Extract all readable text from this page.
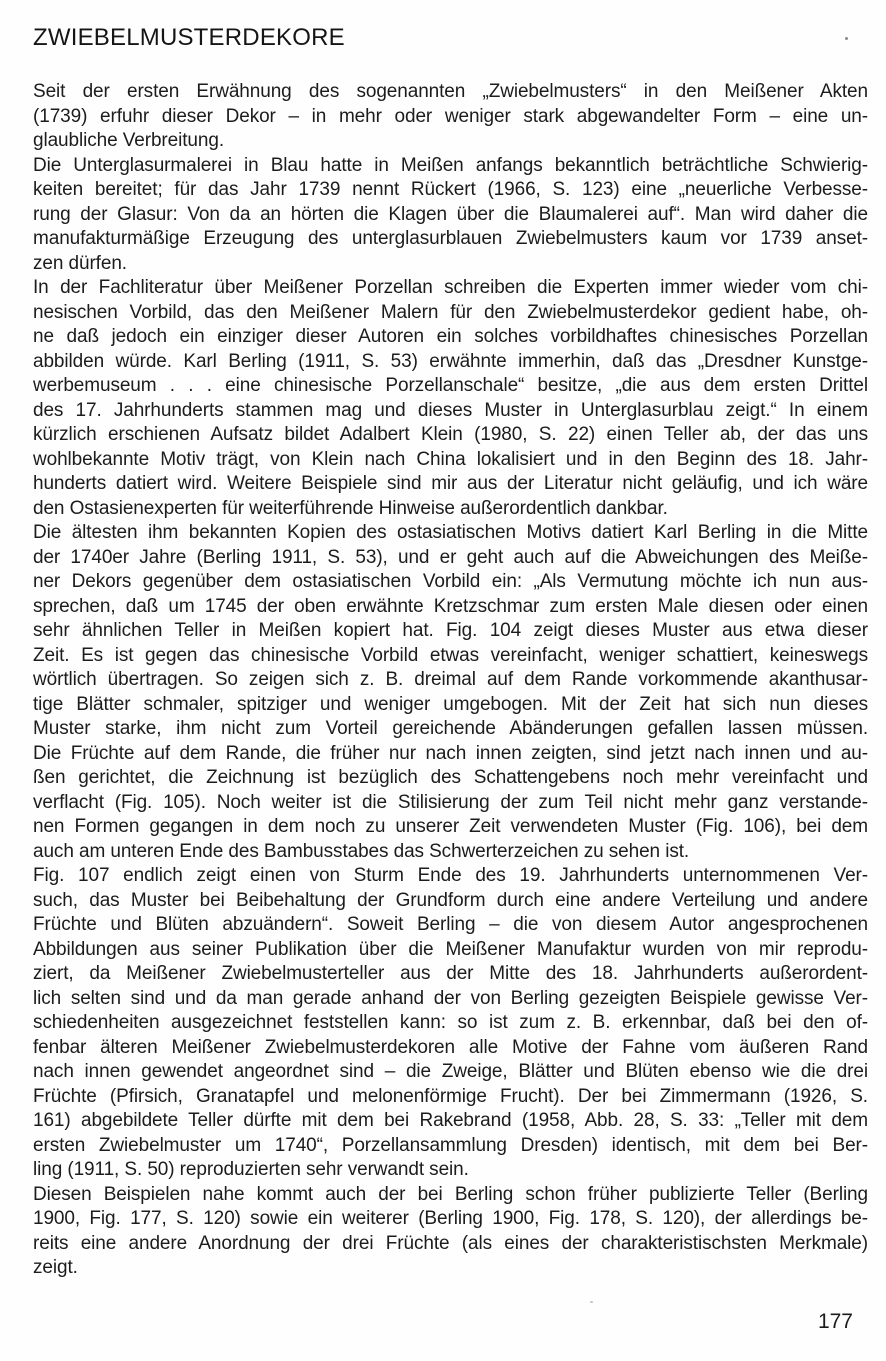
ZWIEBELMUSTERDEKORE
Seit der ersten Erwähnung des sogenannten „Zwiebelmusters“ in den Meißener Akten
(1739) erfuhr dieser Dekor – in mehr oder weniger stark abgewandelter Form – eine un-
glaubliche Verbreitung.
Die Unterglasurmalerei in Blau hatte in Meißen anfangs bekanntlich beträchtliche Schwierig-
keiten bereitet; für das Jahr 1739 nennt Rückert (1966, S. 123) eine „neuerliche Verbesse-
rung der Glasur: Von da an hörten die Klagen über die Blaumalerei auf“. Man wird daher die
manufakturmäßige Erzeugung des unterglasurblauen Zwiebelmusters kaum vor 1739 anset-
zen dürfen.
In der Fachliteratur über Meißener Porzellan schreiben die Experten immer wieder vom chi-
nesischen Vorbild, das den Meißener Malern für den Zwiebelmusterdekor gedient habe, oh-
ne daß jedoch ein einziger dieser Autoren ein solches vorbildhaftes chinesisches Porzellan
abbilden würde. Karl Berling (1911, S. 53) erwähnte immerhin, daß das „Dresdner Kunstge-
werbemuseum . . . eine chinesische Porzellanschale“ besitze, „die aus dem ersten Drittel
des 17. Jahrhunderts stammen mag und dieses Muster in Unterglasurblau zeigt.“ In einem
kürzlich erschienen Aufsatz bildet Adalbert Klein (1980, S. 22) einen Teller ab, der das uns
wohlbekannte Motiv trägt, von Klein nach China lokalisiert und in den Beginn des 18. Jahr-
hunderts datiert wird. Weitere Beispiele sind mir aus der Literatur nicht geläufig, und ich wäre
den Ostasienexperten für weiterführende Hinweise außerordentlich dankbar.
Die ältesten ihm bekannten Kopien des ostasiatischen Motivs datiert Karl Berling in die Mitte
der 1740er Jahre (Berling 1911, S. 53), und er geht auch auf die Abweichungen des Meiße-
ner Dekors gegenüber dem ostasiatischen Vorbild ein: „Als Vermutung möchte ich nun aus-
sprechen, daß um 1745 der oben erwähnte Kretzschmar zum ersten Male diesen oder einen
sehr ähnlichen Teller in Meißen kopiert hat. Fig. 104 zeigt dieses Muster aus etwa dieser
Zeit. Es ist gegen das chinesische Vorbild etwas vereinfacht, weniger schattiert, keineswegs
wörtlich übertragen. So zeigen sich z. B. dreimal auf dem Rande vorkommende akanthusar-
tige Blätter schmaler, spitziger und weniger umgebogen. Mit der Zeit hat sich nun dieses
Muster starke, ihm nicht zum Vorteil gereichende Abänderungen gefallen lassen müssen.
Die Früchte auf dem Rande, die früher nur nach innen zeigten, sind jetzt nach innen und au-
ßen gerichtet, die Zeichnung ist bezüglich des Schattengebens noch mehr vereinfacht und
verflacht (Fig. 105). Noch weiter ist die Stilisierung der zum Teil nicht mehr ganz verstande-
nen Formen gegangen in dem noch zu unserer Zeit verwendeten Muster (Fig. 106), bei dem
auch am unteren Ende des Bambusstabes das Schwerterzeichen zu sehen ist.
Fig. 107 endlich zeigt einen von Sturm Ende des 19. Jahrhunderts unternommenen Ver-
such, das Muster bei Beibehaltung der Grundform durch eine andere Verteilung und andere
Früchte und Blüten abzuändern“. Soweit Berling – die von diesem Autor angesprochenen
Abbildungen aus seiner Publikation über die Meißener Manufaktur wurden von mir reprodu-
ziert, da Meißener Zwiebelmusterteller aus der Mitte des 18. Jahrhunderts außerordent-
lich selten sind und da man gerade anhand der von Berling gezeigten Beispiele gewisse Ver-
schiedenheiten ausgezeichnet feststellen kann: so ist zum z. B. erkennbar, daß bei den of-
fenbar älteren Meißener Zwiebelmusterdekoren alle Motive der Fahne vom äußeren Rand
nach innen gewendet angeordnet sind – die Zweige, Blätter und Blüten ebenso wie die drei
Früchte (Pfirsich, Granatapfel und melonenförmige Frucht). Der bei Zimmermann (1926, S.
161) abgebildete Teller dürfte mit dem bei Rakebrand (1958, Abb. 28, S. 33: „Teller mit dem
ersten Zwiebelmuster um 1740“, Porzellansammlung Dresden) identisch, mit dem bei Ber-
ling (1911, S. 50) reproduzierten sehr verwandt sein.
Diesen Beispielen nahe kommt auch der bei Berling schon früher publizierte Teller (Berling
1900, Fig. 177, S. 120) sowie ein weiterer (Berling 1900, Fig. 178, S. 120), der allerdings be-
reits eine andere Anordnung der drei Früchte (als eines der charakteristischsten Merkmale)
zeigt.
177
